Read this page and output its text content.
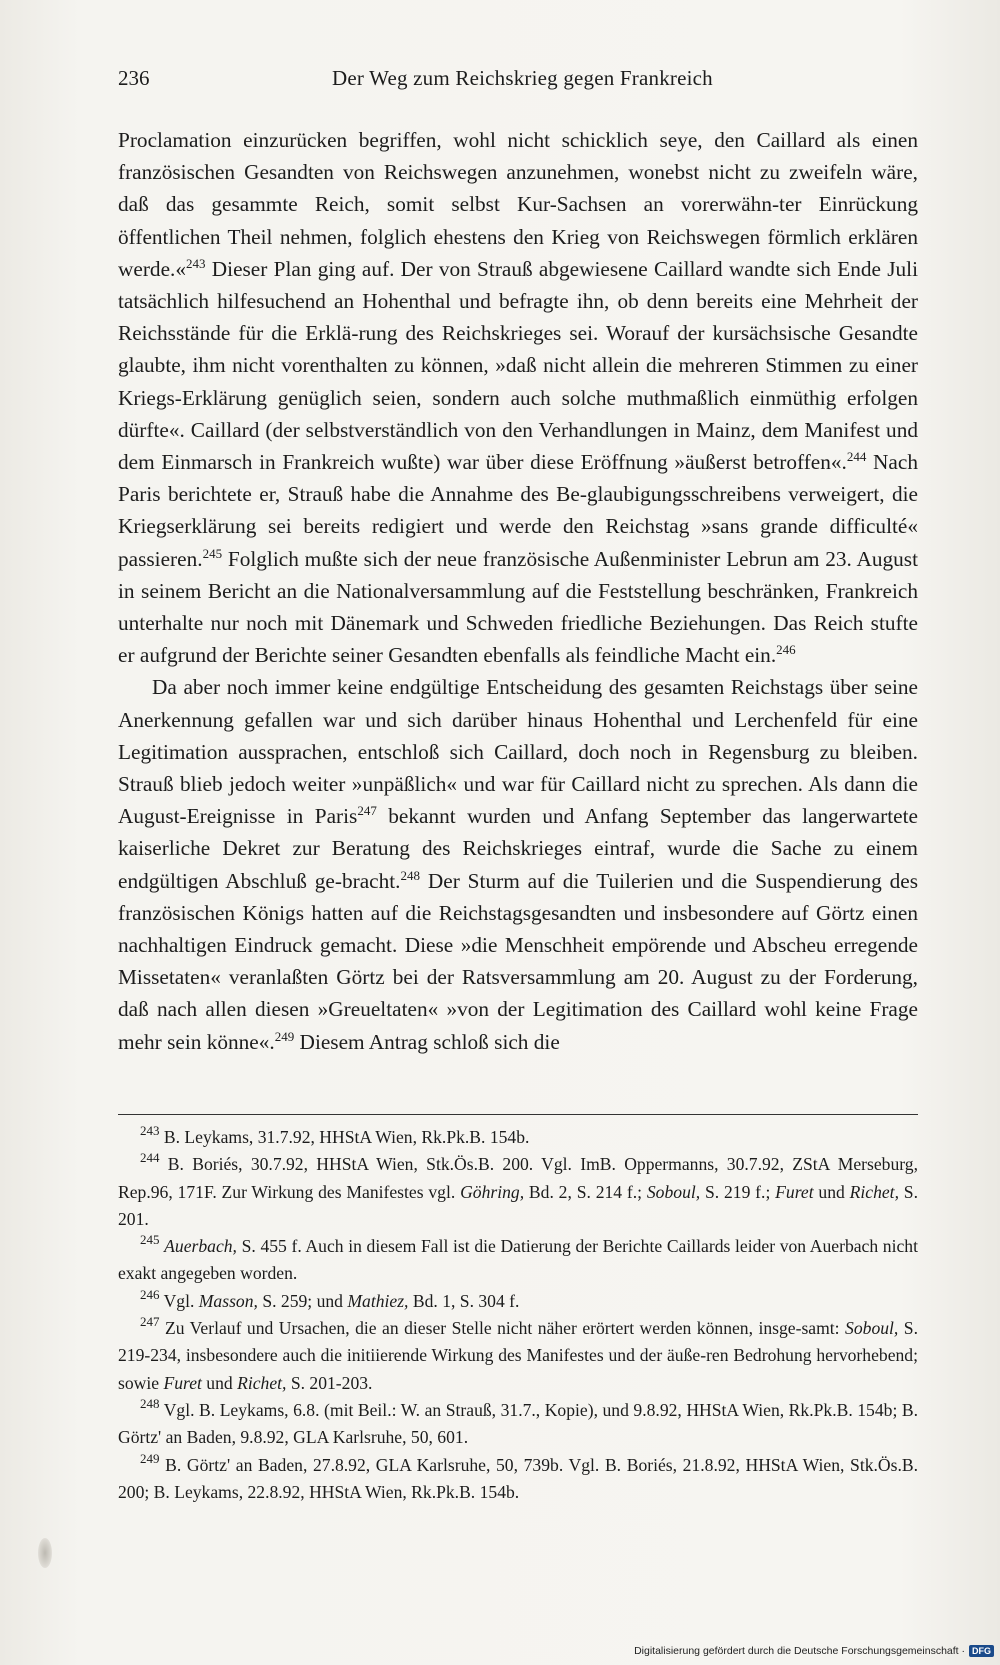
236	Der Weg zum Reichskrieg gegen Frankreich

Proclamation einzurücken begriffen, wohl nicht schicklich seye, den Caillard als einen französischen Gesandten von Reichswegen anzunehmen, wonebst nicht zu zweifeln wäre, daß das gesammte Reich, somit selbst Kur-Sachsen an vorerwähn-ter Einrückung öffentlichen Theil nehmen, folglich ehestens den Krieg von Reichswegen förmlich erklären werde.«$^{243}$ Dieser Plan ging auf. Der von Strauß abgewiesene Caillard wandte sich Ende Juli tatsächlich hilfesuchend an Hohenthal und befragte ihn, ob denn bereits eine Mehrheit der Reichsstände für die Erklä-rung des Reichskrieges sei. Worauf der kursächsische Gesandte glaubte, ihm nicht vorenthalten zu können, »daß nicht allein die mehreren Stimmen zu einer Kriegs-Erklärung genüglich seien, sondern auch solche muthmaßlich einmüthig erfolgen dürfte«. Caillard (der selbstverständlich von den Verhandlungen in Mainz, dem Manifest und dem Einmarsch in Frankreich wußte) war über diese Eröffnung »äußerst betroffen«.$^{244}$ Nach Paris berichtete er, Strauß habe die Annahme des Be-glaubigungsschreibens verweigert, die Kriegserklärung sei bereits redigiert und werde den Reichstag »sans grande difficulté« passieren.$^{245}$ Folglich mußte sich der neue französische Außenminister Lebrun am 23. August in seinem Bericht an die Nationalversammlung auf die Feststellung beschränken, Frankreich unterhalte nur noch mit Dänemark und Schweden friedliche Beziehungen. Das Reich stufte er aufgrund der Berichte seiner Gesandten ebenfalls als feindliche Macht ein.$^{246}$

Da aber noch immer keine endgültige Entscheidung des gesamten Reichstags über seine Anerkennung gefallen war und sich darüber hinaus Hohenthal und Lerchenfeld für eine Legitimation aussprachen, entschloß sich Caillard, doch noch in Regensburg zu bleiben. Strauß blieb jedoch weiter »unpäßlich« und war für Caillard nicht zu sprechen. Als dann die August-Ereignisse in Paris$^{247}$ bekannt wurden und Anfang September das langerwartete kaiserliche Dekret zur Beratung des Reichskrieges eintraf, wurde die Sache zu einem endgültigen Abschluß ge-bracht.$^{248}$ Der Sturm auf die Tuilerien und die Suspendierung des französischen Königs hatten auf die Reichstagsgesandten und insbesondere auf Görtz einen nachhaltigen Eindruck gemacht. Diese »die Menschheit empörende und Abscheu erregende Missetaten« veranlaßten Görtz bei der Ratsversammlung am 20. August zu der Forderung, daß nach allen diesen »Greueltaten« »von der Legitimation des Caillard wohl keine Frage mehr sein könne«.$^{249}$ Diesem Antrag schloß sich die

$^{243}$ B. Leykams, 31.7.92, HHStA Wien, Rk.Pk.B. 154b.

$^{244}$ B. Boriés, 30.7.92, HHStA Wien, Stk.Ös.B. 200. Vgl. ImB. Oppermanns, 30.7.92, ZStA Merseburg, Rep.96, 171F. Zur Wirkung des Manifestes vgl. Göhring, Bd. 2, S. 214 f.; Soboul, S. 219 f.; Furet und Richet, S. 201.

$^{245}$ Auerbach, S. 455 f. Auch in diesem Fall ist die Datierung der Berichte Caillards leider von Auerbach nicht exakt angegeben worden.

$^{246}$ Vgl. Masson, S. 259; und Mathiez, Bd. 1, S. 304 f.

$^{247}$ Zu Verlauf und Ursachen, die an dieser Stelle nicht näher erörtert werden können, insge-samt: Soboul, S. 219-234, insbesondere auch die initiierende Wirkung des Manifestes und der äuße-ren Bedrohung hervorhebend; sowie Furet und Richet, S. 201-203.

$^{248}$ Vgl. B. Leykams, 6.8. (mit Beil.: W. an Strauß, 31.7., Kopie), und 9.8.92, HHStA Wien, Rk.Pk.B. 154b; B. Görtz' an Baden, 9.8.92, GLA Karlsruhe, 50, 601.

$^{249}$ B. Görtz' an Baden, 27.8.92, GLA Karlsruhe, 50, 739b. Vgl. B. Boriés, 21.8.92, HHStA Wien, Stk.Ös.B. 200; B. Leykams, 22.8.92, HHStA Wien, Rk.Pk.B. 154b.

Digitalisierung gefördert durch die Deutsche Forschungsgemeinschaft · DFG
